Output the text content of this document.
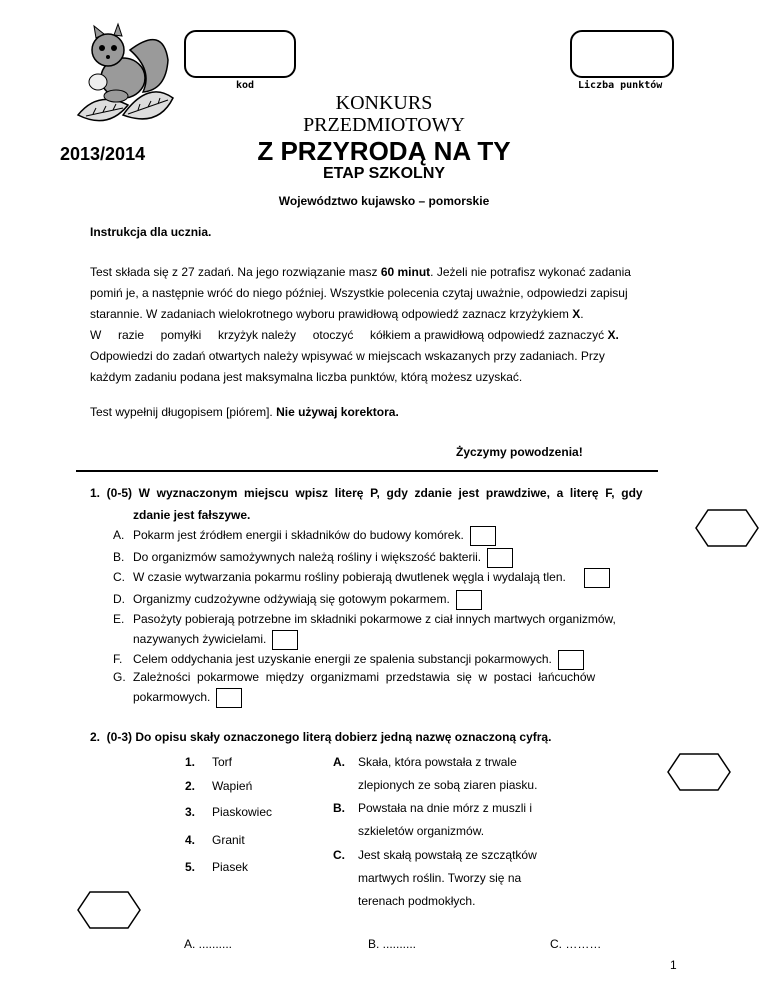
kod	Liczba punktów
KONKURS
PRZEDMIOTOWY
Z PRZYRODĄ NA TY
ETAP SZKOLNY
2013/2014
Województwo kujawsko – pomorskie
Instrukcja dla ucznia.
Test składa się z 27 zadań. Na jego rozwiązanie masz 60 minut. Jeżeli nie potrafisz wykonać zadania
pomiń je, a następnie wróć do niego później. Wszystkie polecenia czytaj uważnie, odpowiedzi zapisuj
starannie. W zadaniach wielokrotnego wyboru prawidłową odpowiedź zaznacz krzyżykiem X.
W     razie     pomyłki     krzyżyk należy     otoczyć     kółkiem a prawidłową odpowiedź zaznaczyć X.
Odpowiedzi do zadań otwartych należy wpisywać w miejscach wskazanych przy zadaniach. Przy
każdym zadaniu podana jest maksymalna liczba punktów, którą możesz uzyskać.
Test wypełnij długopisem [piórem]. Nie używaj korektora.
Życzymy powodzenia!
1.  (0-5)  W  wyznaczonym  miejscu  wpisz  literę  P,  gdy  zdanie  jest  prawdziwe,  a  literę  F,  gdy
zdanie jest fałszywe.
A. Pokarm jest źródłem energii i składników do budowy komórek.
B. Do organizmów samożywnych należą rośliny i większość bakterii.
C. W czasie wytwarzania pokarmu rośliny pobierają dwutlenek węgla i wydalają tlen.
D. Organizmy cudzożywne odżywiają się gotowym pokarmem.
E. Pasożyty pobierają potrzebne im składniki pokarmowe z ciał innych martwych organizmów,
nazywanych żywicielami.
F. Celem oddychania jest uzyskanie energii ze spalenia substancji pokarmowych.
G. Zależności  pokarmowe  między  organizmami  przedstawia  się  w  postaci  łańcuchów
pokarmowych.
2.  (0-3) Do opisu skały oznaczonego literą dobierz jedną nazwę oznaczoną cyfrą.
1. Torf
2. Wapień
3. Piaskowiec
4. Granit
5. Piasek
A. Skała, która powstała z trwale
zlepionych ze sobą ziaren piasku.
B. Powstała na dnie mórz z muszli i
szkieletów organizmów.
C. Jest skałą powstałą ze szczątków
martwych roślin. Tworzy się na
terenach podmokłych.
A. ..........	B. ..........	C. ………
1
